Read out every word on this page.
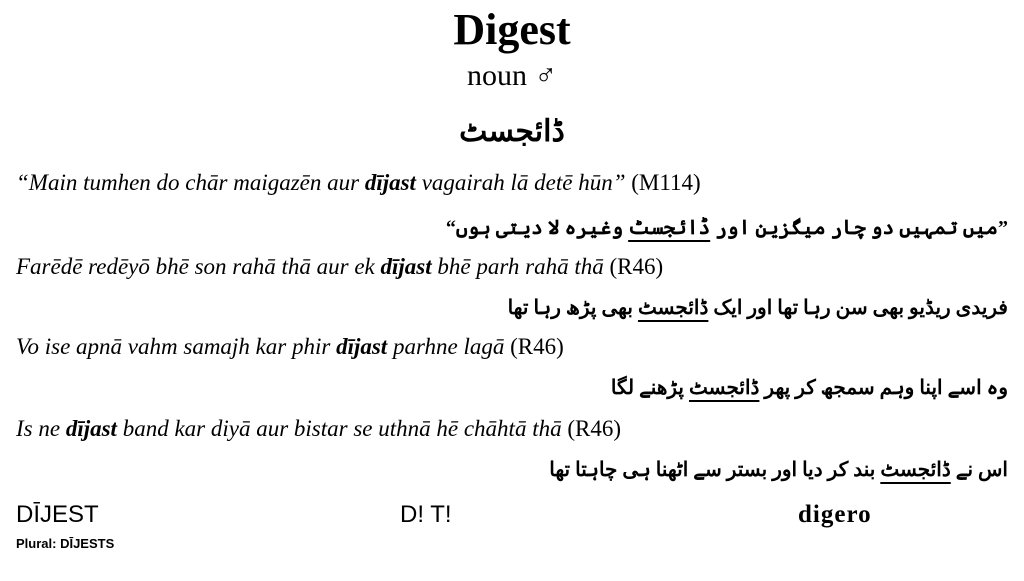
Digest
noun ♂
ڈائجسٹ
“Main tumhen do chār maigazēn aur dījast vagairah lā detē hūn” (M114)
”میں تمہیں دو چار میگزین اور ڈائجسٹ وغیرہ لا دیتی ہوں“
Farēdē redēyō bhē son rahā thā aur ek dījast bhē parh rahā thā (R46)
فریدی ریڈیو بھی سن رہا تھا اور ایک ڈائجسٹ بھی پڑھ رہا تھا
Vo ise apnā vahm samajh kar phir dījast parhne lagā (R46)
وہ اسے اپنا وہم سمجھ کر پھر ڈائجسٹ پڑھنے لگا
Is ne dījast band kar diyā aur bistar se uthnā hē chāhtā thā (R46)
اس نے ڈائجسٹ بند کر دیا اور بستر سے اٹھنا ہی چاہتا تھا
DĪJEST
Plural: DĪJESTS
D! T!	digero
